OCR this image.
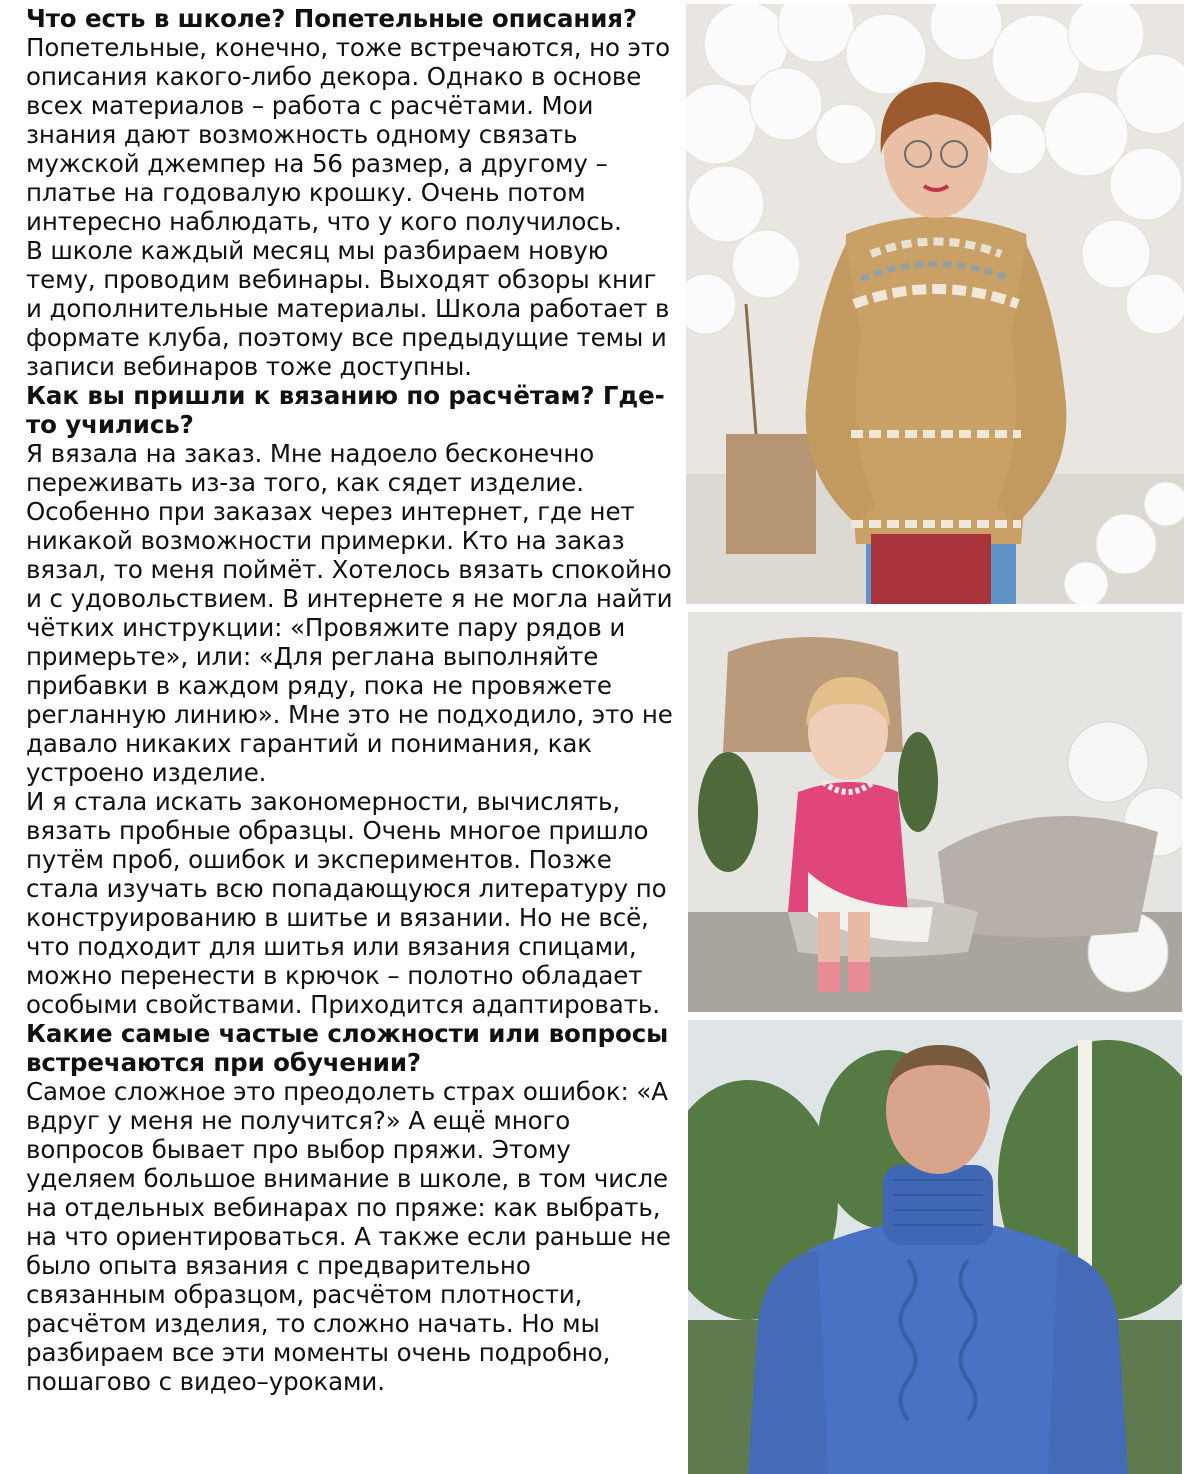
Что есть в школе? Попетельные описания?

Попетельные, конечно, тоже встречаются, но это описания какого-либо декора. Однако в основе всех материалов – работа с расчётами. Мои знания дают возможность одному связать мужской джемпер на 56 размер, а другому – платье на годовалую крошку. Очень потом интересно наблюдать, что у кого получилось.

В школе каждый месяц мы разбираем новую тему, проводим вебинары. Выходят обзоры книг и дополнительные материалы. Школа работает в формате клуба, поэтому все предыдущие темы и записи вебинаров тоже доступны.

Как вы пришли к вязанию по расчётам? Где-то учились?

Я вязала на заказ. Мне надоело бесконечно переживать из-за того, как сядет изделие. Особенно при заказах через интернет, где нет никакой возможности примерки. Кто на заказ вязал, то меня поймёт. Хотелось вязать спокойно и с удовольствием. В интернете я не могла найти чётких инструкции: «Провяжите пару рядов и примерьте», или: «Для реглана выполняйте прибавки в каждом ряду, пока не провяжете регланную линию». Мне это не подходило, это не давало никаких гарантий и понимания, как устроено изделие.

И я стала искать закономерности, вычислять, вязать пробные образцы. Очень многое пришло путём проб, ошибок и экспериментов. Позже стала изучать всю попадающуюся литературу по конструированию в шитье и вязании. Но не всё, что подходит для шитья или вязания спицами, можно перенести в крючок – полотно обладает особыми свойствами. Приходится адаптировать.

Какие самые частые сложности или вопросы встречаются при обучении?

Самое сложное это преодолеть страх ошибок: «А вдруг у меня не получится?» А ещё много вопросов бывает про выбор пряжи. Этому уделяем большое внимание в школе, в том числе на отдельных вебинарах по пряже: как выбрать, на что ориентироваться. А также если раньше не было опыта вязания с предварительно связанным образцом, расчётом плотности, расчётом изделия, то сложно начать. Но мы разбираем все эти моменты очень подробно, пошагово с видео–уроками.
